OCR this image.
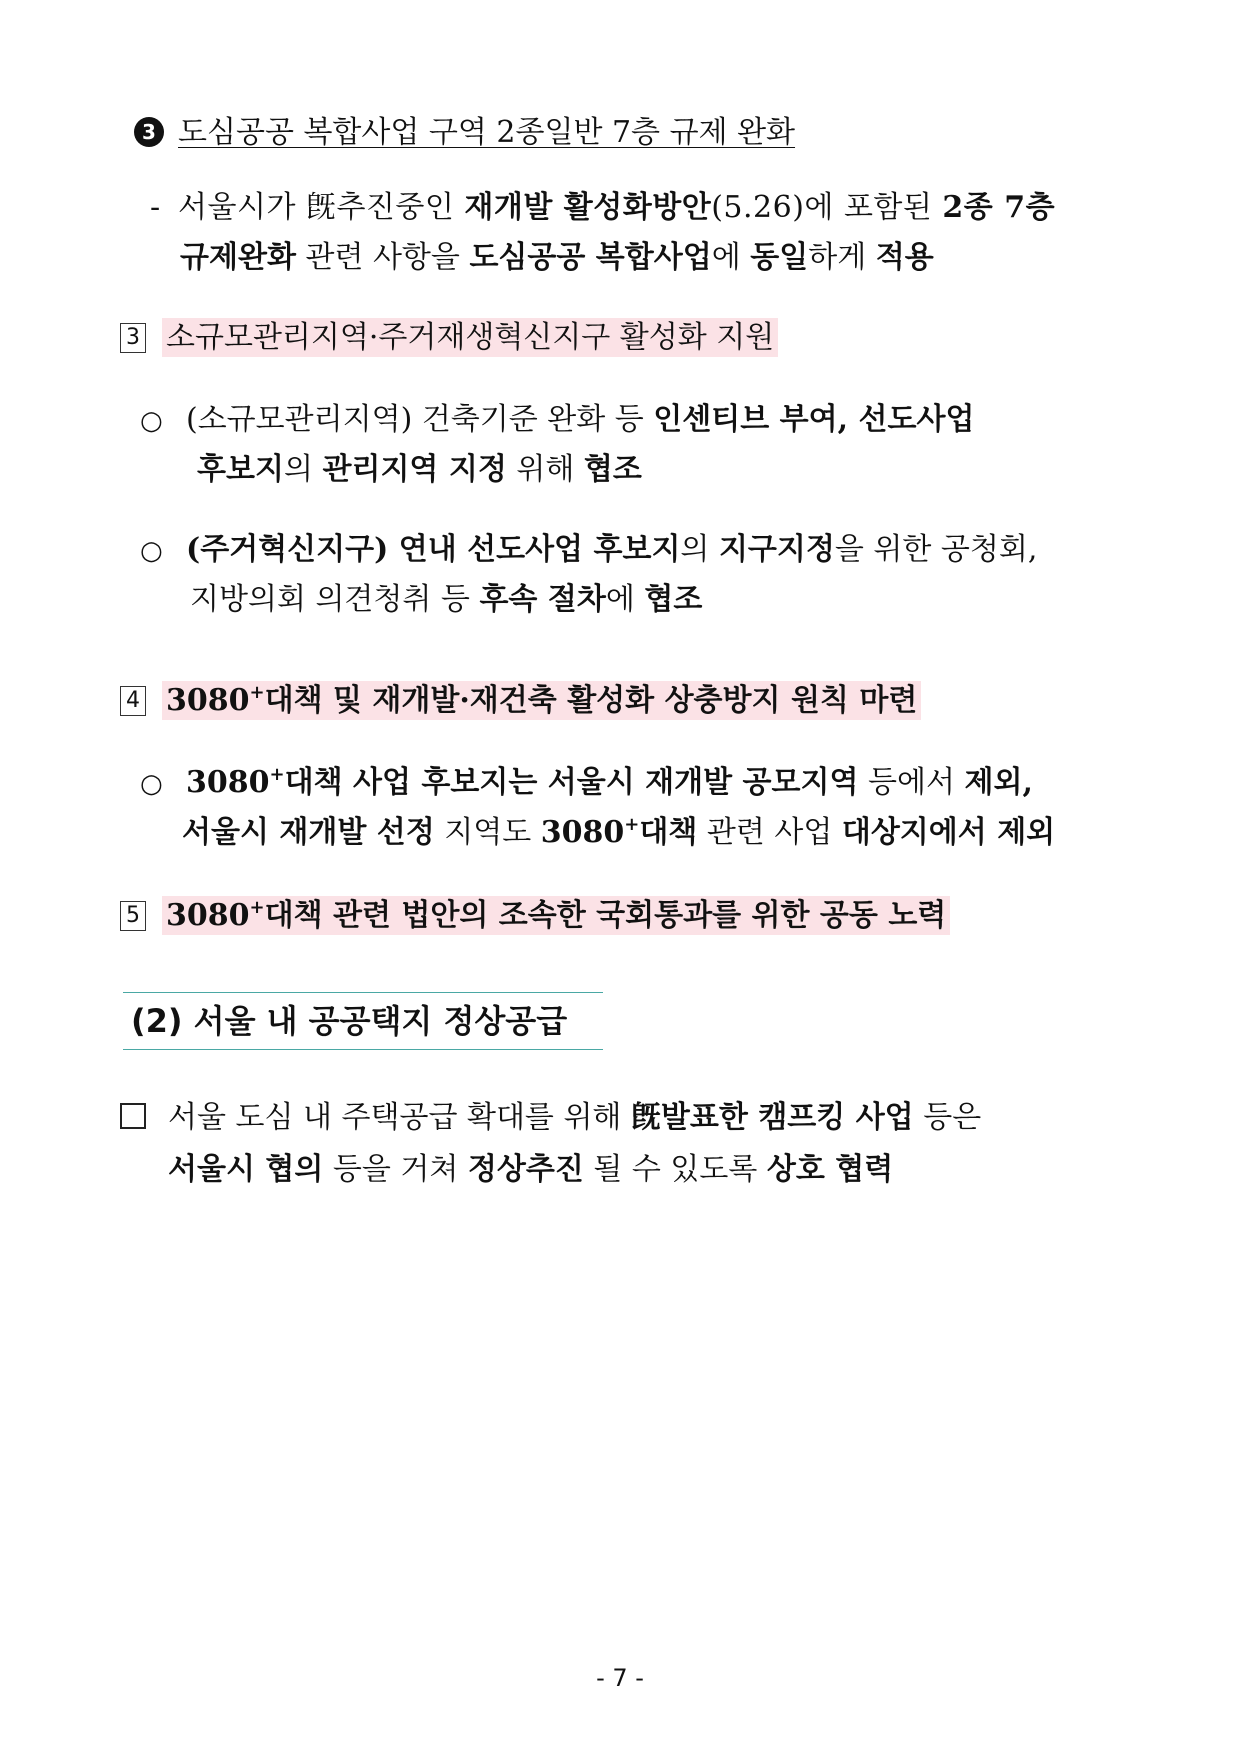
3 도심공공 복합사업 구역 2종일반 7층 규제 완화
- 서울시가 旣추진중인 재개발 활성화방안(5.26)에 포함된 2종 7층
규제완화 관련 사항을 도심공공 복합사업에 동일하게 적용
3 소규모관리지역·주거재생혁신지구 활성화 지원
○ (소규모관리지역) 건축기준 완화 등 인센티브 부여, 선도사업
후보지의 관리지역 지정 위해 협조
○ (주거혁신지구) 연내 선도사업 후보지의 지구지정을 위한 공청회,
지방의회 의견청취 등 후속 절차에 협조
4 3080+대책 및 재개발·재건축 활성화 상충방지 원칙 마련
○ 3080+대책 사업 후보지는 서울시 재개발 공모지역 등에서 제외,
서울시 재개발 선정 지역도 3080+대책 관련 사업 대상지에서 제외
5 3080+대책 관련 법안의 조속한 국회통과를 위한 공동 노력
(2) 서울 내 공공택지 정상공급
서울 도심 내 주택공급 확대를 위해 旣발표한 캠프킹 사업 등은
서울시 협의 등을 거쳐 정상추진 될 수 있도록 상호 협력
- 7 -
